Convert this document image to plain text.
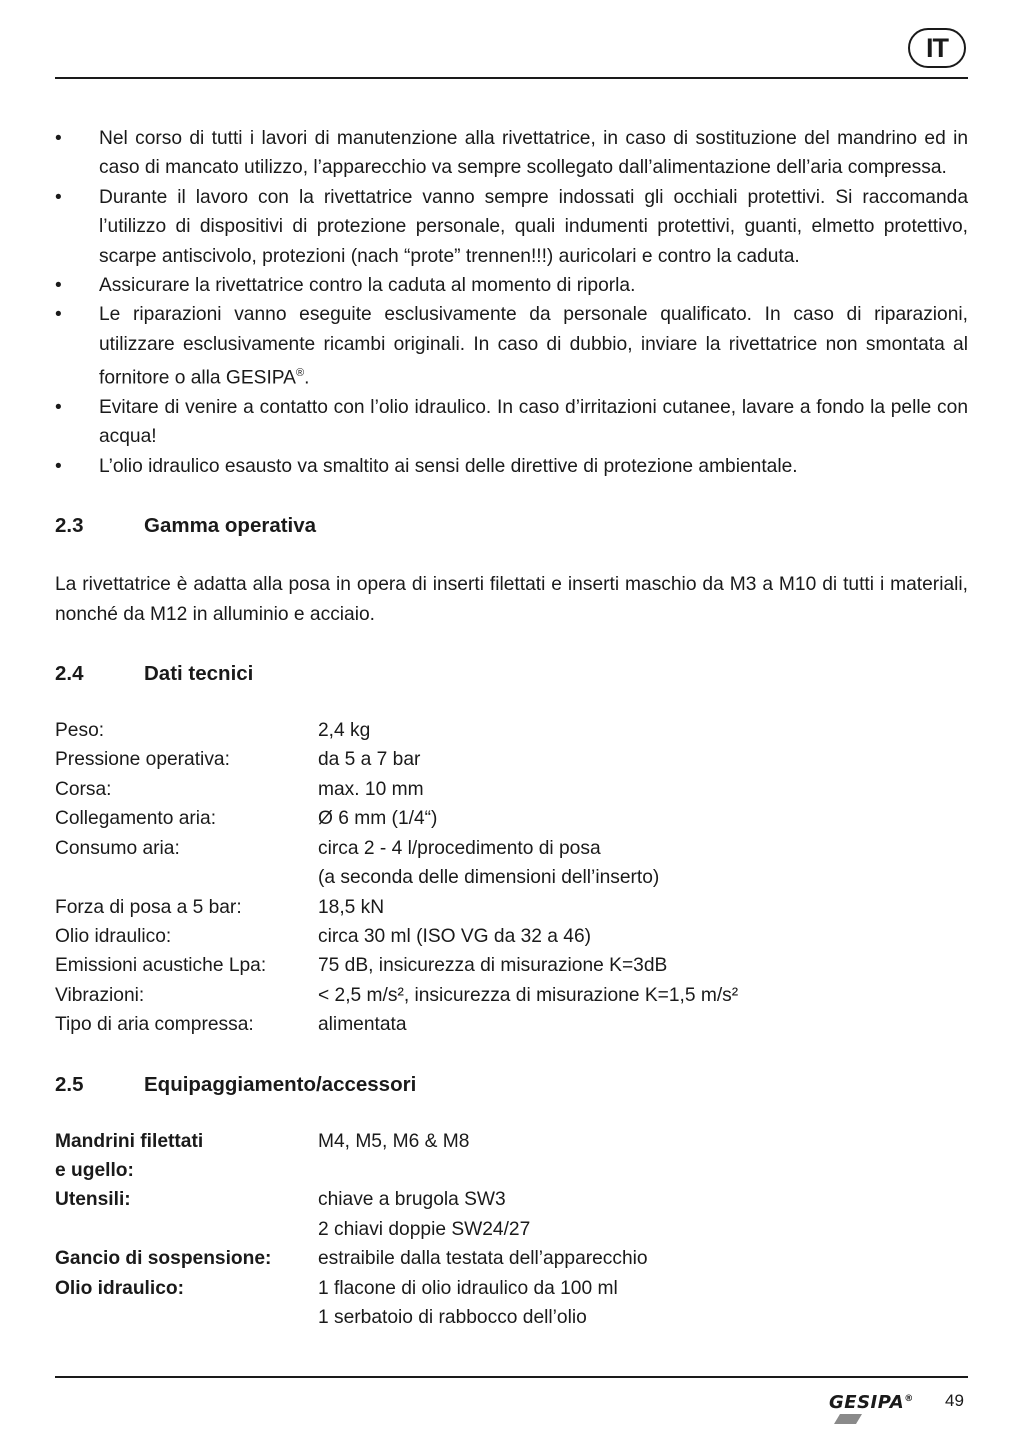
IT
• Nel corso di tutti i lavori di manutenzione alla rivettatrice, in caso di sostituzione del mandrino ed in caso di mancato utilizzo, l’apparecchio va sempre scollegato dall’alimentazione dell’aria compressa.
• Durante il lavoro con la rivettatrice vanno sempre indossati gli occhiali protettivi. Si raccomanda l’utilizzo di dispositivi di protezione personale, quali indumenti protettivi, guanti, elmetto protettivo, scarpe antiscivolo, protezioni (nach “prote” trennen!!!) auricolari e contro la caduta.
• Assicurare la rivettatrice contro la caduta al momento di riporla.
• Le riparazioni vanno eseguite esclusivamente da personale qualificato. In caso di riparazioni, utilizzare esclusivamente ricambi originali. In caso di dubbio, inviare la rivettatrice non smontata al fornitore o alla GESIPA®.
• Evitare di venire a contatto con l’olio idraulico. In caso d’irritazioni cutanee, lavare a fondo la pelle con acqua!
• L’olio idraulico esausto va smaltito ai sensi delle direttive di protezione ambientale.
2.3	Gamma operativa

La rivettatrice è adatta alla posa in opera di inserti filettati e inserti maschio da M3 a M10 di tutti i materiali, nonché da M12 in alluminio e acciaio.

2.4	Dati tecnici
Peso:	2,4 kg
Pressione operativa:	da 5 a 7 bar
Corsa:	max. 10 mm
Collegamento aria:	Ø 6 mm (1/4“)
Consumo aria:	circa 2 - 4 l/procedimento di posa
	(a seconda delle dimensioni dell’inserto)
Forza di posa a 5 bar:	18,5 kN
Olio idraulico:	circa 30 ml (ISO VG da 32 a 46)
Emissioni acustiche Lpa:	75 dB, insicurezza di misurazione K=3dB
Vibrazioni:	< 2,5 m/s², insicurezza di misurazione K=1,5 m/s²
Tipo di aria compressa:	alimentata
2.5	Equipaggiamento/accessori
Mandrini filettati	M4, M5, M6 & M8
e ugello:	
Utensili:	chiave a brugola SW3
	2 chiavi doppie SW24/27
Gancio di sospensione:	estraibile dalla testata dell’apparecchio
Olio idraulico:	1 flacone di olio idraulico da 100 ml
	1 serbatoio di rabbocco dell’olio
GESIPA® 49
